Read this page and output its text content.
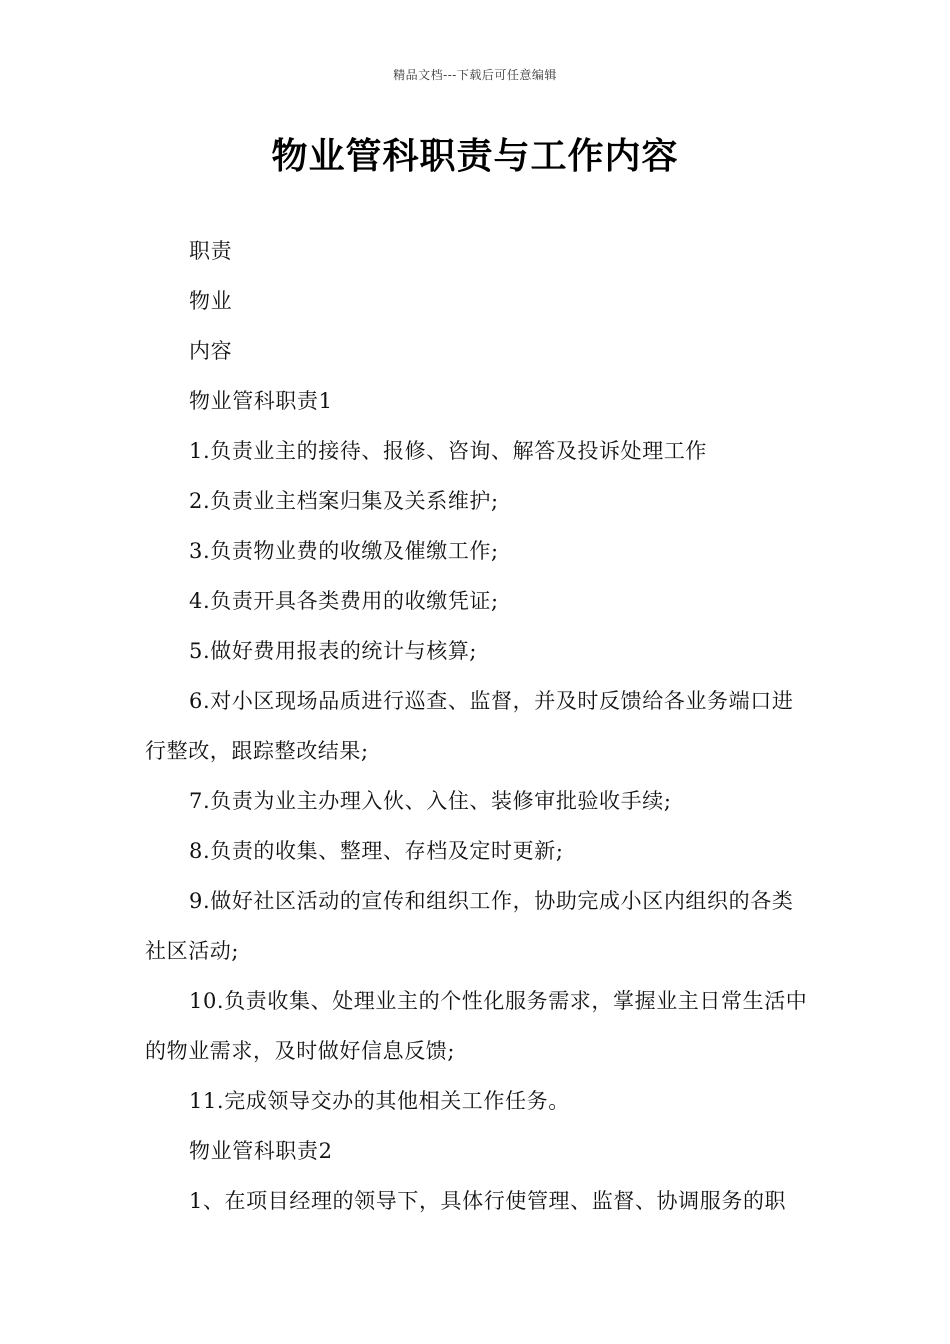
精品文档---下载后可任意编辑
物业管科职责与工作内容

职责

物业

内容

物业管科职责1

1.负责业主的接待、报修、咨询、解答及投诉处理工作

2.负责业主档案归集及关系维护;

3.负责物业费的收缴及催缴工作;

4.负责开具各类费用的收缴凭证;

5.做好费用报表的统计与核算;

6.对小区现场品质进行巡查、监督，并及时反馈给各业务端口进行整改，跟踪整改结果;

7.负责为业主办理入伙、入住、装修审批验收手续;

8.负责的收集、整理、存档及定时更新;

9.做好社区活动的宣传和组织工作，协助完成小区内组织的各类社区活动;

10.负责收集、处理业主的个性化服务需求，掌握业主日常生活中的物业需求，及时做好信息反馈;

11.完成领导交办的其他相关工作任务。

物业管科职责2

1、在项目经理的领导下，具体行使管理、监督、协调服务的职
